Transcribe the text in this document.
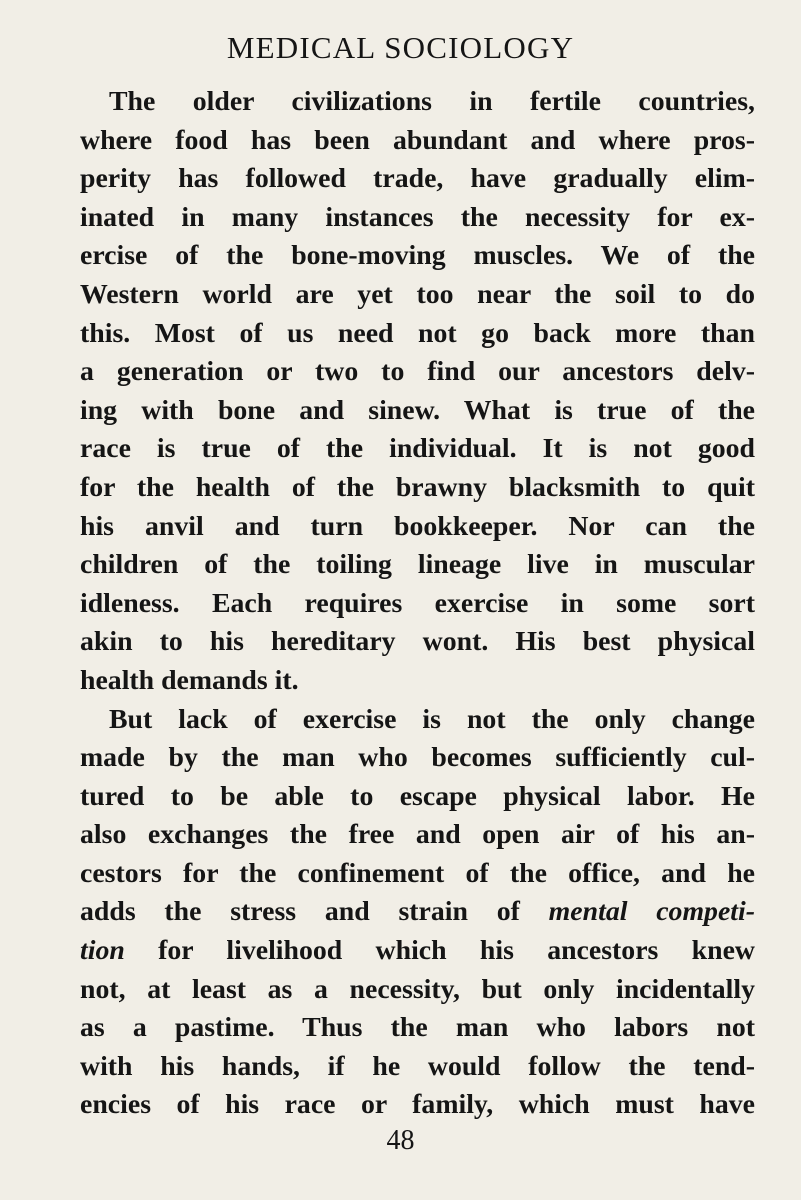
MEDICAL SOCIOLOGY
The older civilizations in fertile countries,
where food has been abundant and where pros-
perity has followed trade, have gradually elim-
inated in many instances the necessity for ex-
ercise of the bone-moving muscles. We of the
Western world are yet too near the soil to do
this. Most of us need not go back more than
a generation or two to find our ancestors delv-
ing with bone and sinew. What is true of the
race is true of the individual. It is not good
for the health of the brawny blacksmith to quit
his anvil and turn bookkeeper. Nor can the
children of the toiling lineage live in muscular
idleness. Each requires exercise in some sort
akin to his hereditary wont. His best physical
health demands it.
But lack of exercise is not the only change
made by the man who becomes sufficiently cul-
tured to be able to escape physical labor. He
also exchanges the free and open air of his an-
cestors for the confinement of the office, and he
adds the stress and strain of mental competi-
tion for livelihood which his ancestors knew
not, at least as a necessity, but only incidentally
as a pastime. Thus the man who labors not
with his hands, if he would follow the tend-
encies of his race or family, which must have
48
